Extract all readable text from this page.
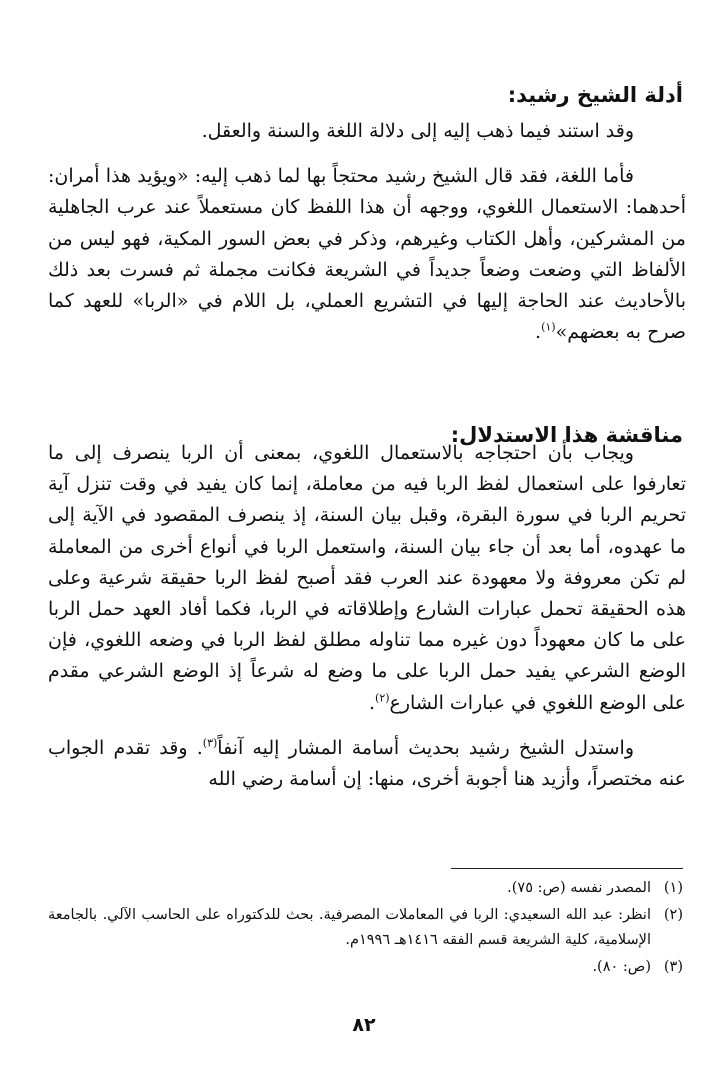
أدلة الشيخ رشيد:

وقد استند فيما ذهب إليه إلى دلالة اللغة والسنة والعقل.

فأما اللغة، فقد قال الشيخ رشيد محتجاً بها لما ذهب إليه: «ويؤيد هذا أمران: أحدهما: الاستعمال اللغوي، ووجهه أن هذا اللفظ كان مستعملاً عند عرب الجاهلية من المشركين، وأهل الكتاب وغيرهم، وذكر في بعض السور المكية، فهو ليس من الألفاظ التي وضعت وضعاً جديداً في الشريعة فكانت مجملة ثم فسرت بعد ذلك بالأحاديث عند الحاجة إليها في التشريع العملي، بل اللام في «الربا» للعهد كما صرح به بعضهم»$^{(١)}$.

مناقشة هذا الاستدلال:

ويجاب بأن احتجاجه بالاستعمال اللغوي، بمعنى أن الربا ينصرف إلى ما تعارفوا على استعمال لفظ الربا فيه من معاملة، إنما كان يفيد في وقت تنزل آية تحريم الربا في سورة البقرة، وقبل بيان السنة، إذ ينصرف المقصود في الآية إلى ما عهدوه، أما بعد أن جاء بيان السنة، واستعمل الربا في أنواع أخرى من المعاملة لم تكن معروفة ولا معهودة عند العرب فقد أصبح لفظ الربا حقيقة شرعية وعلى هذه الحقيقة تحمل عبارات الشارع وإطلاقاته في الربا، فكما أفاد العهد حمل الربا على ما كان معهوداً دون غيره مما تناوله مطلق لفظ الربا في وضعه اللغوي، فإن الوضع الشرعي يفيد حمل الربا على ما وضع له شرعاً إذ الوضع الشرعي مقدم على الوضع اللغوي في عبارات الشارع$^{(٢)}$.

واستدل الشيخ رشيد بحديث أسامة المشار إليه آنفاً$^{(٣)}$. وقد تقدم الجواب عنه مختصراً، وأزيد هنا أجوبة أخرى، منها: إن أسامة رضي الله

(١)
المصدر نفسه (ص: ٧٥).
(٢)
انظر: عبد الله السعيدي: الربا في المعاملات المصرفية. بحث للدكتوراه على الحاسب الآلي. بالجامعة الإسلامية، كلية الشريعة قسم الفقه ١٤١٦هـ ١٩٩٦م.
(٣)
(ص: ٨٠).
٨٢
